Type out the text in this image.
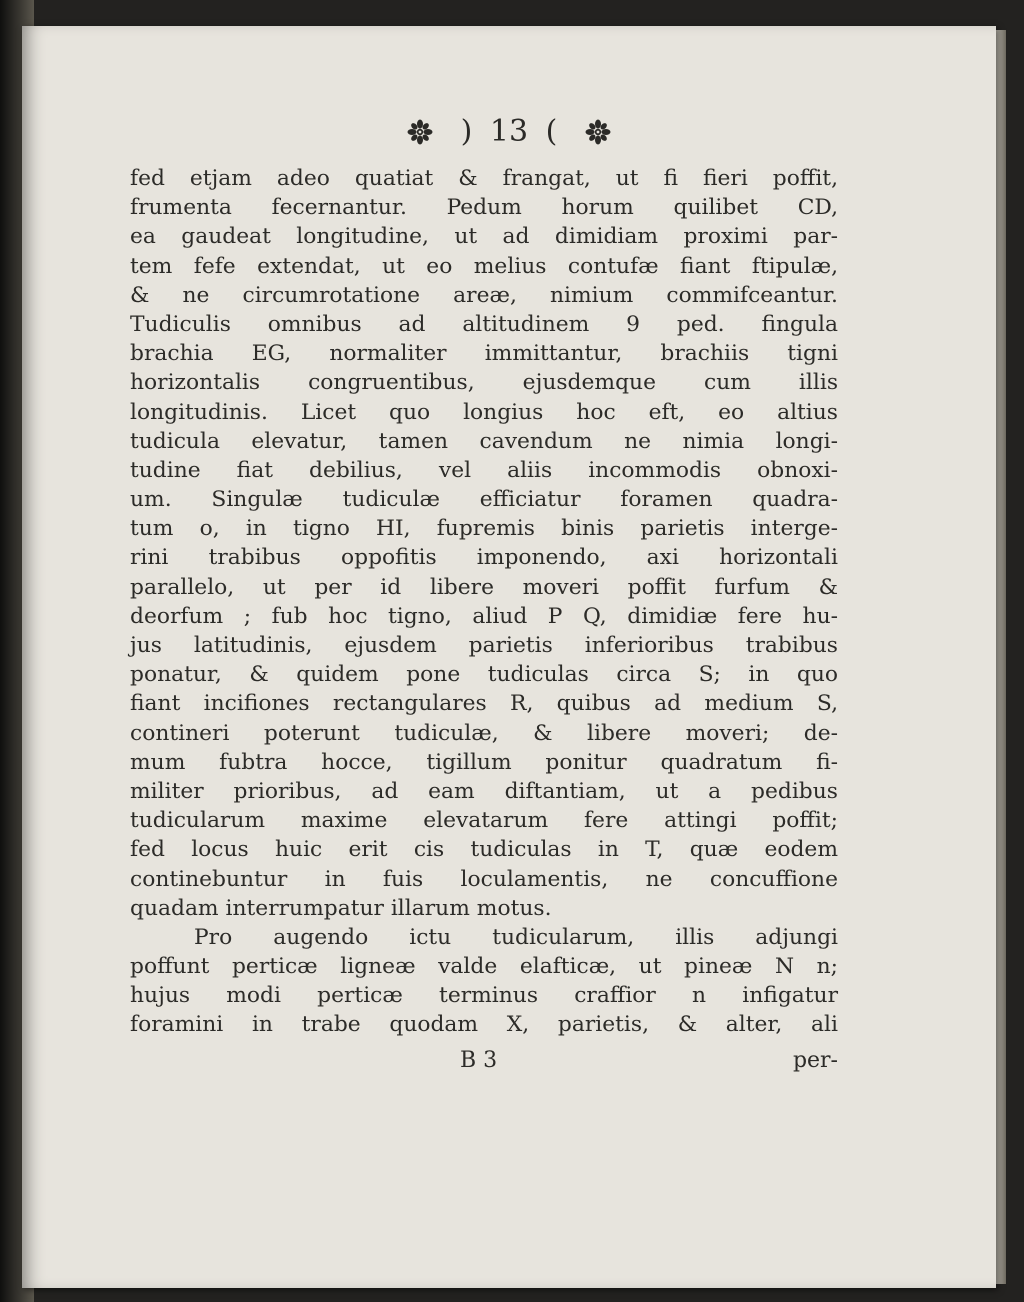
) 13 (
fed etjam adeo quatiat & frangat, ut fi fieri poffit,
frumenta fecernantur. Pedum horum quilibet CD,
ea gaudeat longitudine, ut ad dimidiam proximi par-
tem fefe extendat, ut eo melius contufæ fiant ftipulæ,
& ne circumrotatione areæ, nimium commifceantur.
Tudiculis omnibus ad altitudinem 9 ped. fingula
brachia EG, normaliter immittantur, brachiis tigni
horizontalis congruentibus, ejusdemque cum illis
longitudinis. Licet quo longius hoc eft, eo altius
tudicula elevatur, tamen cavendum ne nimia longi-
tudine fiat debilius, vel aliis incommodis obnoxi-
um. Singulæ tudiculæ efficiatur foramen quadra-
tum o, in tigno HI, fupremis binis parietis interge-
rini trabibus oppofitis imponendo, axi horizontali
parallelo, ut per id libere moveri poffit furfum &
deorfum ; fub hoc tigno, aliud P Q, dimidiæ fere hu-
jus latitudinis, ejusdem parietis inferioribus trabibus
ponatur, & quidem pone tudiculas circa S; in quo
fiant incifiones rectangulares R, quibus ad medium S,
contineri poterunt tudiculæ, & libere moveri; de-
mum fubtra hocce, tigillum ponitur quadratum fi-
militer prioribus, ad eam diftantiam, ut a pedibus
tudicularum maxime elevatarum fere attingi poffit;
fed locus huic erit cis tudiculas in T, quæ eodem
continebuntur in fuis loculamentis, ne concuffione
quadam interrumpatur illarum motus.
Pro augendo ictu tudicularum, illis adjungi
poffunt perticæ ligneæ valde elafticæ, ut pineæ N n;
hujus modi perticæ terminus craffior n infigatur
foramini in trabe quodam X, parietis, & alter, ali
B 3	per-
